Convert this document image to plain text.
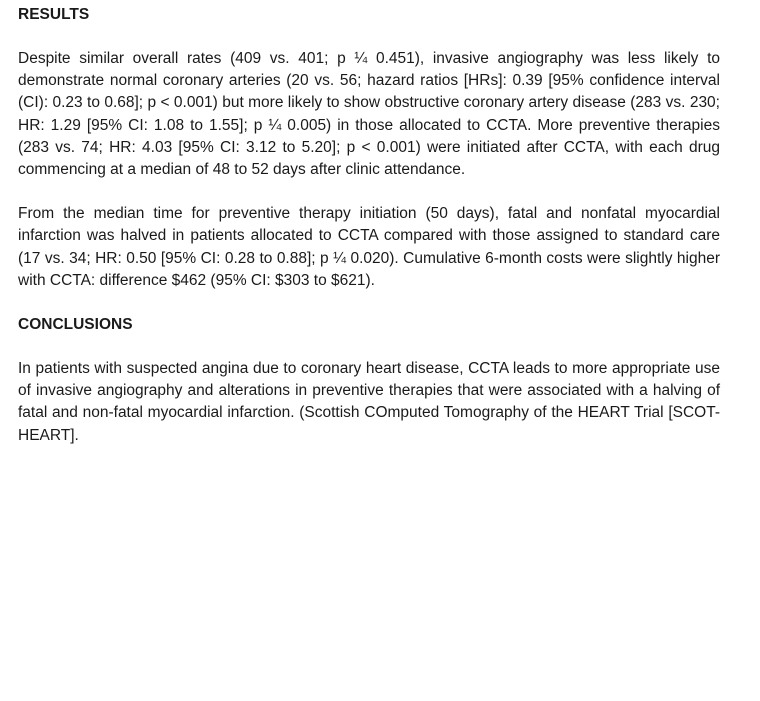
RESULTS

Despite similar overall rates (409 vs. 401; p ¼ 0.451), invasive angiography was less likely to demonstrate normal coronary arteries (20 vs. 56; hazard ratios [HRs]: 0.39 [95% confidence interval (CI): 0.23 to 0.68]; p < 0.001) but more likely to show obstructive coronary artery disease (283 vs. 230; HR: 1.29 [95% CI: 1.08 to 1.55]; p ¼ 0.005) in those allocated to CCTA. More preventive therapies (283 vs. 74; HR: 4.03 [95% CI: 3.12 to 5.20]; p < 0.001) were initiated after CCTA, with each drug commencing at a median of 48 to 52 days after clinic attendance.

From the median time for preventive therapy initiation (50 days), fatal and nonfatal myocardial infarction was halved in patients allocated to CCTA compared with those assigned to standard care (17 vs. 34; HR: 0.50 [95% CI: 0.28 to 0.88]; p ¼ 0.020). Cumulative 6-month costs were slightly higher with CCTA: difference $462 (95% CI: $303 to $621).

CONCLUSIONS

In patients with suspected angina due to coronary heart disease, CCTA leads to more appropriate use of invasive angiography and alterations in preventive therapies that were associated with a halving of fatal and non-fatal myocardial infarction. (Scottish COmputed Tomography of the HEART Trial [SCOT-HEART].
